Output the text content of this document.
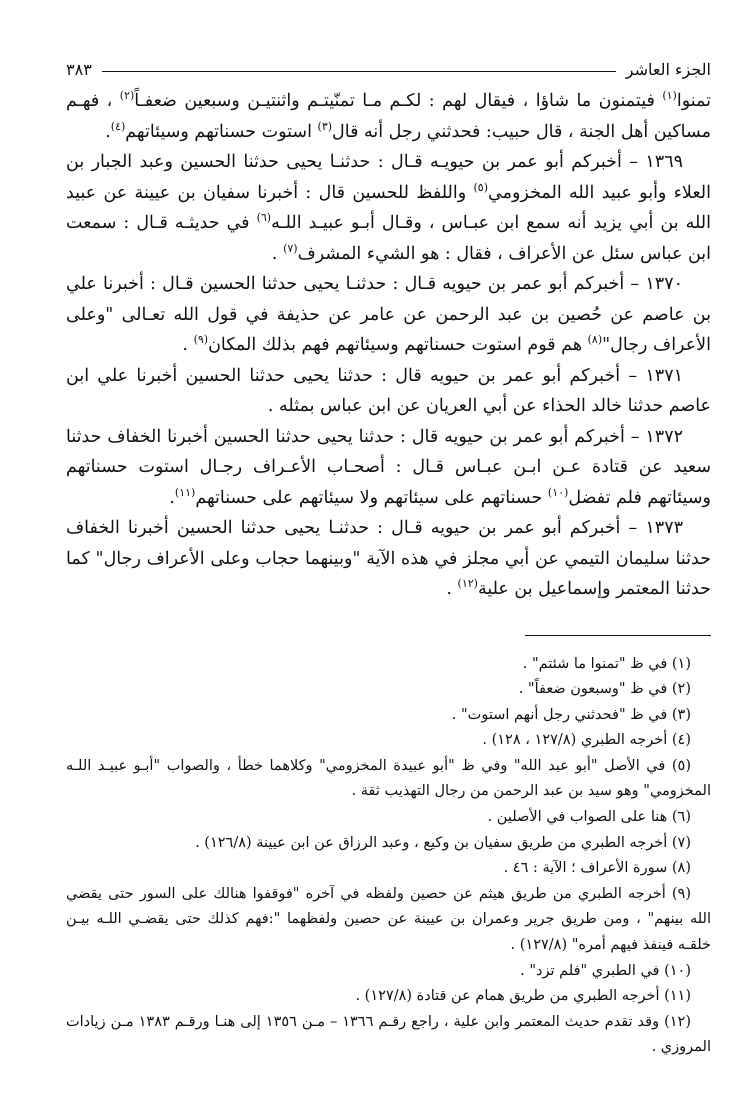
الجزء العاشر
٣٨٣

تمنوا$^{(١)}$ فيتمنون ما شاؤا ، فيقال لهم : لكـم مـا تمنّيتـم واثنتيـن وسبعين ضعفـاً$^{(٢)}$ ، فهـم مساكين أهل الجنة ، قال حبيب: فحدثني رجل أنه قال$^{(٣)}$ استوت حسناتهم وسيئاتهم$^{(٤)}$.

١٣٦٩ – أخبركم أبو عمر بن حيويـه قـال : حدثنـا يحيى حدثنا الحسين وعبد الجبار بن العلاء وأبو عبيد الله المخزومي$^{(٥)}$ واللفظ للحسين قال : أخبرنا سفيان بن عيينة عن عبيد الله بن أبي يزيد أنه سمع ابن عبـاس ، وقـال أبـو عبيـد اللـه$^{(٦)}$ في حديثـه قـال : سمعت ابن عباس سئل عن الأعراف ، فقال : هو الشيء المشرف$^{(٧)}$ .

١٣٧٠ – أخبركم أبو عمر بن حيويه قـال : حدثنـا يحيى حدثنا الحسين قـال : أخبرنا علي بن عاصم عن حُصين بن عبد الرحمن عن عامر عن حذيفة في قول الله تعـالى "وعلى الأعراف رجال"$^{(٨)}$ هم قوم استوت حسناتهم وسيئاتهم فهم بذلك المكان$^{(٩)}$ .

١٣٧١ – أخبركم أبو عمر بن حيويه قال : حدثنا يحيى حدثنا الحسين أخبرنا علي ابن عاصم حدثنا خالد الحذاء عن أبي العريان عن ابن عباس بمثله .

١٣٧٢ – أخبركم أبو عمر بن حيويه قال : حدثنا يحيى حدثنا الحسين أخبرنا الخفاف حدثنا سعيد عن قتادة عـن ابـن عبـاس قـال : أصحـاب الأعـراف رجـال استوت حسناتهم وسيئاتهم فلم تفضل$^{(١٠)}$ حسناتهم على سيئاتهم ولا سيئاتهم على حسناتهم$^{(١١)}$.

١٣٧٣ – أخبركم أبو عمر بن حيويه قـال : حدثنـا يحيى حدثنا الحسين أخبرنا الخفاف حدثنا سليمان التيمي عن أبي مجلز في هذه الآية "وبينهما حجاب وعلى الأعراف رجال" كما حدثنا المعتمر وإسماعيل بن علية$^{(١٢)}$ .

(١) في ظ "تمنوا ما شئتم" .

(٢) في ظ "وسبعون ضعفاً" .

(٣) في ظ "فحدثني رجل أنهم استوت" .

(٤) أخرجه الطبري (١٢٧/٨ ، ١٢٨) .

(٥) في الأصل "أبو عبد الله" وفي ظ "أبو عبيدة المخزومي" وكلاهما خطأ ، والصواب "أبـو عبيـد اللـه المخزومي" وهو سيد بن عبد الرحمن من رجال التهذيب ثقة .

(٦) هنا على الصواب في الأصلين .

(٧) أخرجه الطبري من طريق سفيان بن وكيع ، وعبد الرزاق عن ابن عيينة (١٢٦/٨) .

(٨) سورة الأعراف ؛ الآية : ٤٦ .

(٩) أخرجه الطبري من طريق هيثم عن حصين ولفظه في آخره "فوقفوا هنالك على السور حتى يقضي الله بينهم" ، ومن طريق جرير وعمران بن عيينة عن حصين ولفظهما ":فهم كذلك حتى يقضـي اللـه بيـن خلقـه فينفذ فيهم أمره" (١٢٧/٨) .

(١٠) في الطبري "فلم تزد" .

(١١) أخرجه الطبري من طريق همام عن قتادة (١٢٧/٨) .

(١٢) وقد تقدم حديث المعتمر وابن علية ، راجع رقـم ١٣٦٦ – مـن ١٣٥٦ إلى هنـا ورقـم ١٣٨٣ مـن زيادات المروزي .
